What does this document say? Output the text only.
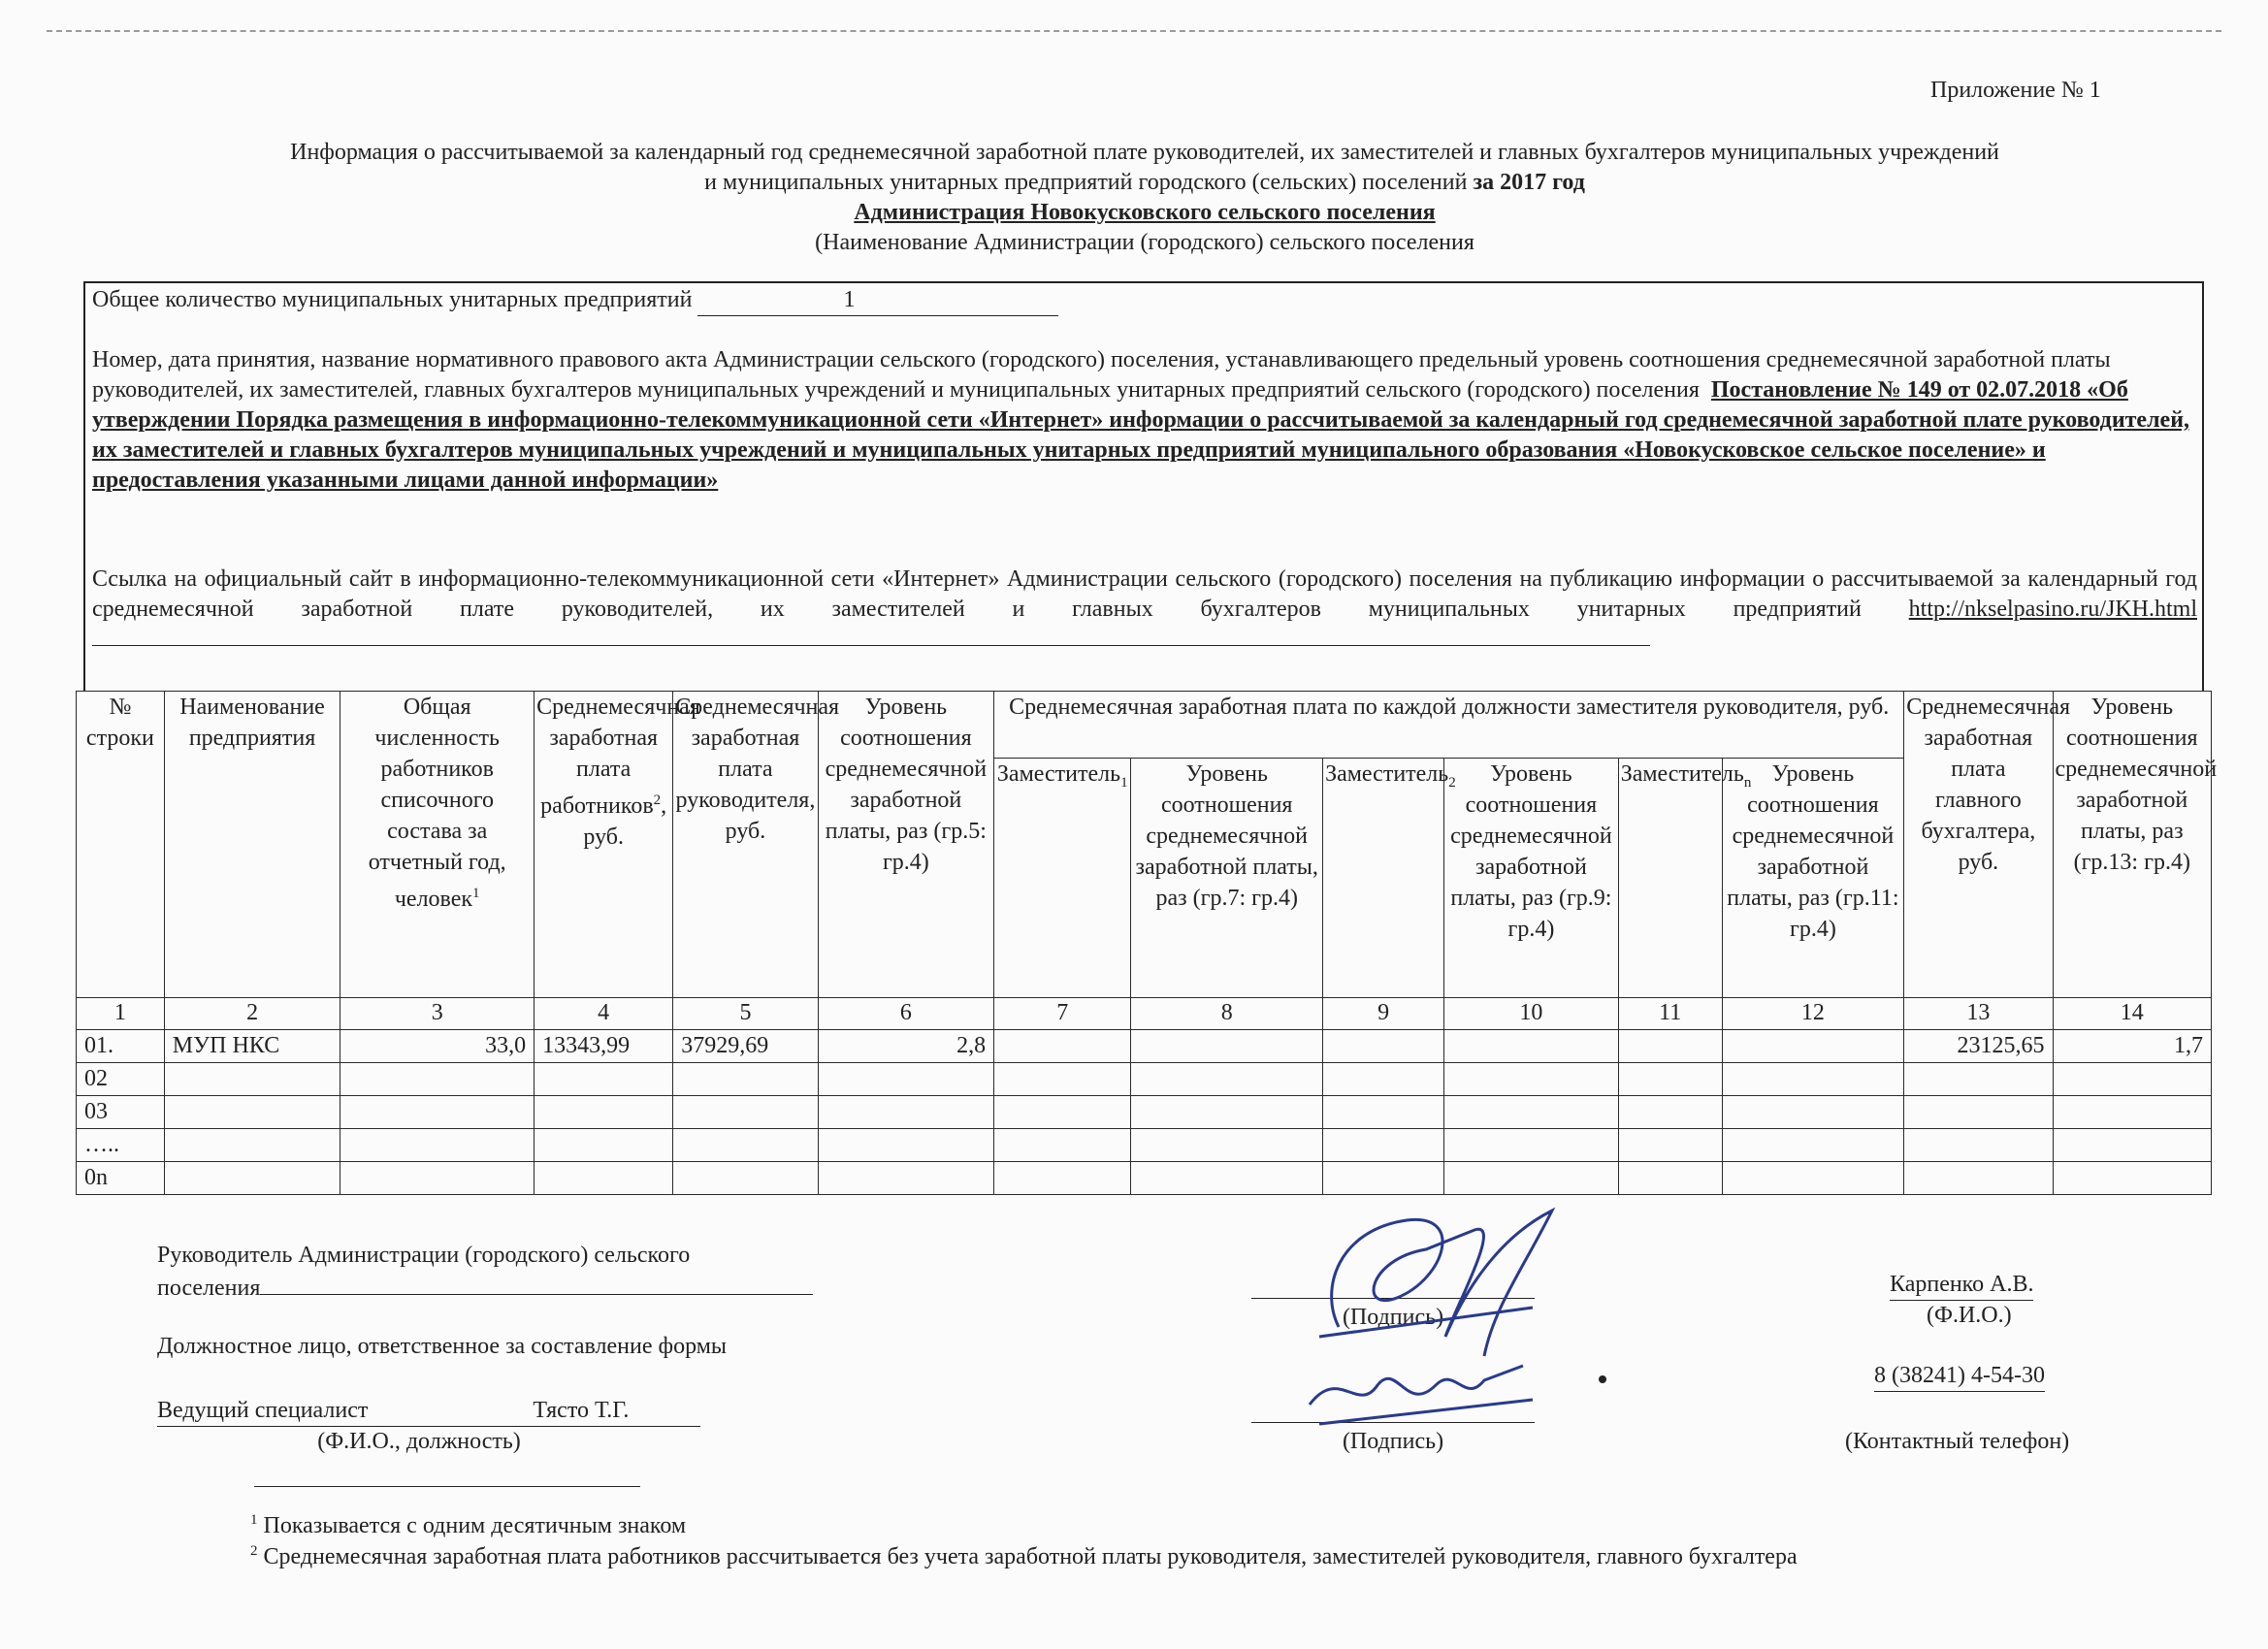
Приложение № 1
Информация о рассчитываемой за календарный год среднемесячной заработной плате руководителей, их заместителей и главных бухгалтеров муниципальных учреждений
и муниципальных унитарных предприятий городского (сельских) поселений за 2017 год
Администрация Новокусковского сельского поселения
(Наименование Администрации (городского) сельского поселения
Общее количество муниципальных унитарных предприятий	1
Номер, дата принятия, название нормативного правового акта Администрации сельского (городского) поселения, устанавливающего предельный уровень соотношения среднемесячной заработной платы руководителей, их заместителей, главных бухгалтеров муниципальных учреждений и муниципальных унитарных предприятий сельского (городского) поселения Постановление № 149 от 02.07.2018 «Об утверждении Порядка размещения в информационно-телекоммуникационной сети «Интернет» информации о рассчитываемой за календарный год среднемесячной заработной плате руководителей, их заместителей и главных бухгалтеров муниципальных учреждений и муниципальных унитарных предприятий муниципального образования «Новокусковское сельское поселение» и предоставления указанными лицами данной информации»
Ссылка на официальный сайт в информационно-телекоммуникационной сети «Интернет» Администрации сельского (городского) поселения на публикацию информации о рассчитываемой за календарный год среднемесячной заработной плате руководителей, их заместителей и главных бухгалтеров муниципальных унитарных предприятий http://nkselpasino.ru/JKH.html
№ строки	Наименование предприятия	Общая численность работников списочного состава за отчетный год, человек$^1$	Среднемесячная заработная плата работников$^2$, руб.	Среднемесячная заработная плата руководителя, руб.	Уровень соотношения среднемесячной заработной платы, раз (гр.5: гр.4)	Среднемесячная заработная плата по каждой должности заместителя руководителя, руб.						Среднемесячная заработная плата главного бухгалтера, руб.	Уровень соотношения среднемесячной заработной платы, раз (гр.13: гр.4)
						Заместитель$_1$	Уровень соотношения среднемесячной заработной платы, раз (гр.7: гр.4)	Заместитель$_2$	Уровень соотношения среднемесячной заработной платы, раз (гр.9: гр.4)	Заместитель$_n$	Уровень соотношения среднемесячной заработной платы, раз (гр.11: гр.4)		
1	2	3	4	5	6	7	8	9	10	11	12	13	14
01.	МУП НКС	33,0	13343,99	37929,69	2,8							23125,65	1,7
02													
03													
…..													
0n													
Руководитель Администрации (городского) сельского
поселения
(Подпись)
Карпенко А.В.
(Ф.И.О.)
Должностное лицо, ответственное за составление формы
8 (38241) 4-54-30
Ведущий специалист	Тясто Т.Г.
(Ф.И.О., должность)	(Подпись)	(Контактный телефон)
$^1$ Показывается с одним десятичным знаком
$^2$ Среднемесячная заработная плата работников рассчитывается без учета заработной платы руководителя, заместителей руководителя, главного бухгалтера
